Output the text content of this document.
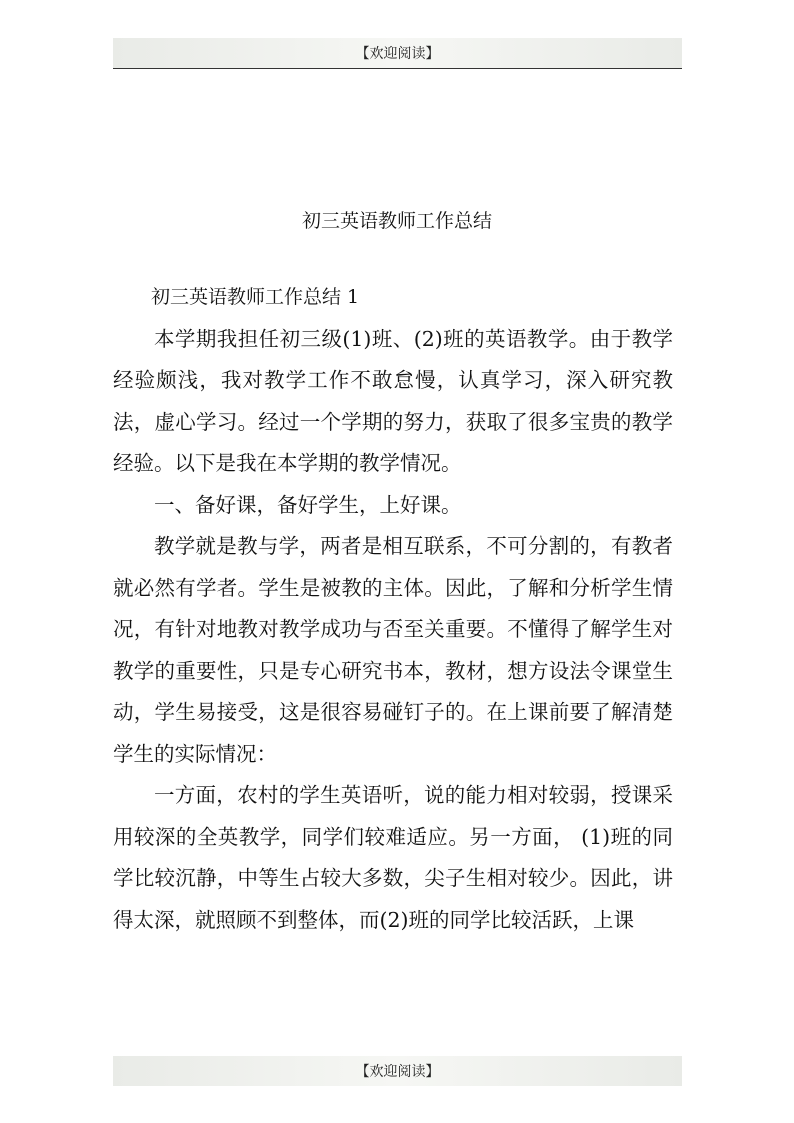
【欢迎阅读】
初三英语教师工作总结

初三英语教师工作总结 1

本学期我担任初三级(1)班、(2)班的英语教学。由于教学经验颇浅，我对教学工作不敢怠慢，认真学习，深入研究教法，虚心学习。经过一个学期的努力，获取了很多宝贵的教学经验。以下是我在本学期的教学情况。

一、备好课，备好学生，上好课。

教学就是教与学，两者是相互联系，不可分割的，有教者就必然有学者。学生是被教的主体。因此，了解和分析学生情况，有针对地教对教学成功与否至关重要。不懂得了解学生对教学的重要性，只是专心研究书本，教材，想方设法令课堂生动，学生易接受，这是很容易碰钉子的。在上课前要了解清楚学生的实际情况：

一方面，农村的学生英语听，说的能力相对较弱，授课采用较深的全英教学，同学们较难适应。另一方面， (1)班的同学比较沉静，中等生占较大多数，尖子生相对较少。因此，讲得太深，就照顾不到整体，而(2)班的同学比较活跃，上课

【欢迎阅读】
